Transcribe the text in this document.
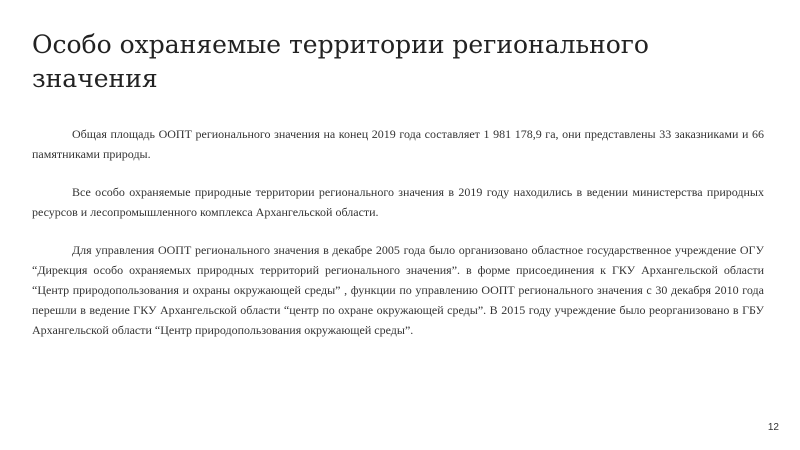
Особо охраняемые территории регионального значения

Общая площадь ООПТ регионального значения на конец 2019 года составляет 1 981 178,9 га, они представлены 33 заказниками и 66 памятниками природы.

Все особо охраняемые природные территории регионального значения в 2019 году находились в ведении министерства природных ресурсов и лесопромышленного комплекса Архангельской области.

Для управления ООПТ регионального значения в декабре 2005 года было организовано областное государственное учреждение ОГУ “Дирекция особо охраняемых природных территорий регионального значения”. в форме присоединения к ГКУ Архангельской области “Центр природопользования и охраны окружающей среды” , функции по управлению ООПТ регионального значения с 30 декабря 2010 года перешли в ведение ГКУ Архангельской области “центр по охране окружающей среды”. В 2015 году учреждение было реорганизовано в ГБУ Архангельской области “Центр природопользования окружающей среды”.

12
